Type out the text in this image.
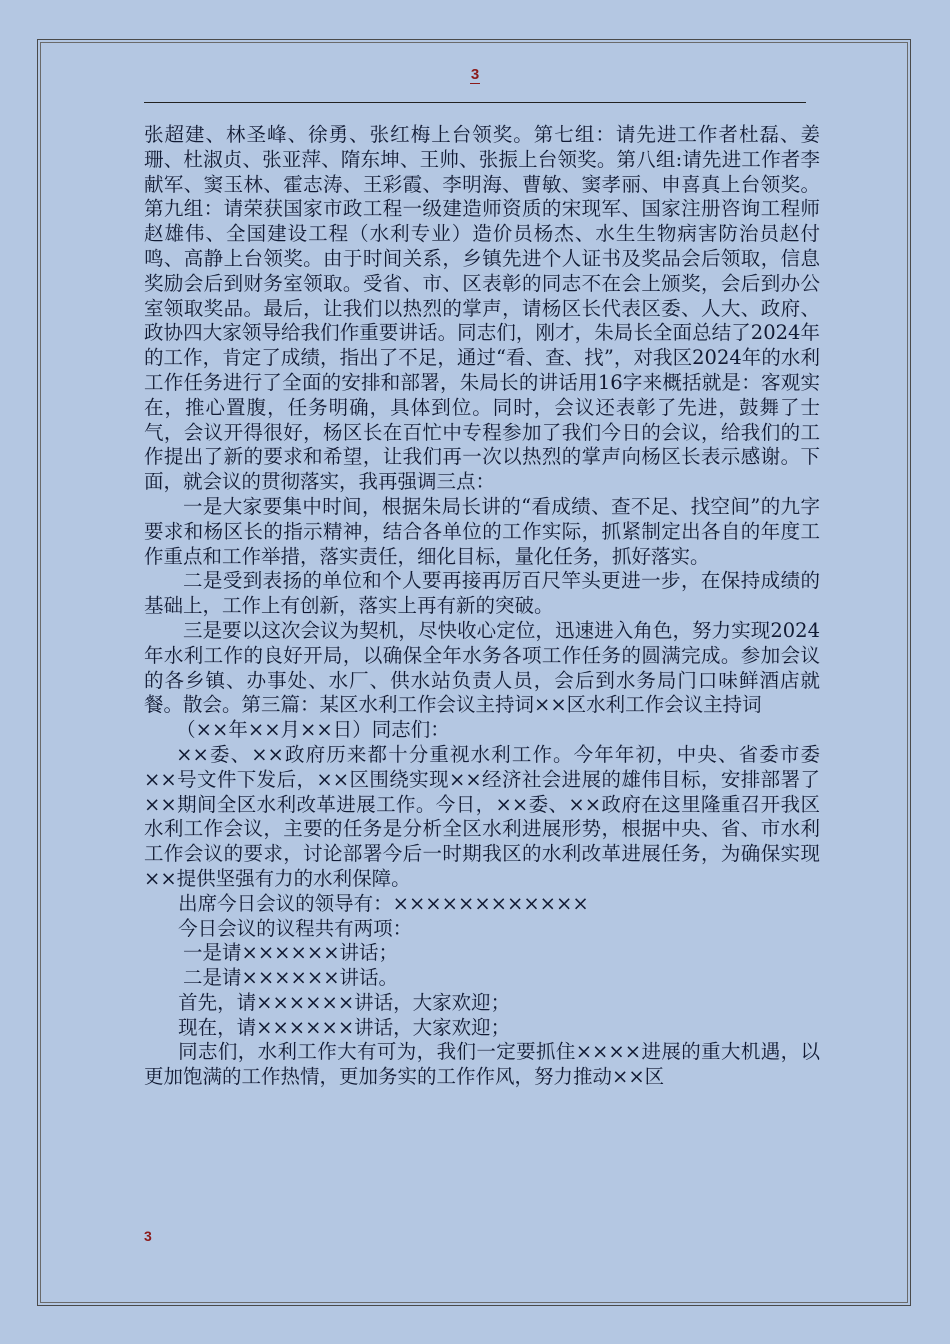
3

张超建、林圣峰、徐勇、张红梅上台领奖。第七组：请先进工作者杜磊、姜珊、杜淑贞、张亚萍、隋东坤、王帅、张振上台领奖。第八组:请先进工作者李献军、窦玉林、霍志涛、王彩霞、李明海、曹敏、窦孝丽、申喜真上台领奖。第九组：请荣获国家市政工程一级建造师资质的宋现军、国家注册咨询工程师赵雄伟、全国建设工程（水利专业）造价员杨杰、水生生物病害防治员赵付鸣、高静上台领奖。由于时间关系，乡镇先进个人证书及奖品会后领取，信息奖励会后到财务室领取。受省、市、区表彰的同志不在会上颁奖，会后到办公室领取奖品。最后，让我们以热烈的掌声，请杨区长代表区委、人大、政府、政协四大家领导给我们作重要讲话。同志们，刚才，朱局长全面总结了2024年的工作，肯定了成绩，指出了不足，通过“看、查、找”，对我区2024年的水利工作任务进行了全面的安排和部署，朱局长的讲话用16字来概括就是：客观实在，推心置腹，任务明确，具体到位。同时，会议还表彰了先进，鼓舞了士气，会议开得很好，杨区长在百忙中专程参加了我们今日的会议，给我们的工作提出了新的要求和希望，让我们再一次以热烈的掌声向杨区长表示感谢。下面，就会议的贯彻落实，我再强调三点：

一是大家要集中时间，根据朱局长讲的“看成绩、查不足、找空间”的九字要求和杨区长的指示精神，结合各单位的工作实际，抓紧制定出各自的年度工作重点和工作举措，落实责任，细化目标，量化任务，抓好落实。

二是受到表扬的单位和个人要再接再厉百尺竿头更进一步，在保持成绩的基础上，工作上有创新，落实上再有新的突破。

三是要以这次会议为契机，尽快收心定位，迅速进入角色，努力实现2024年水利工作的良好开局，以确保全年水务各项工作任务的圆满完成。参加会议的各乡镇、办事处、水厂、供水站负责人员，会后到水务局门口味鲜酒店就餐。散会。第三篇：某区水利工作会议主持词××区水利工作会议主持词

（××年××月××日）同志们：

××委、××政府历来都十分重视水利工作。今年年初，中央、省委市委××号文件下发后，××区围绕实现××经济社会进展的雄伟目标，安排部署了××期间全区水利改革进展工作。今日，××委、××政府在这里隆重召开我区水利工作会议，主要的任务是分析全区水利进展形势，根据中央、省、市水利工作会议的要求，讨论部署今后一时期我区的水利改革进展任务，为确保实现××提供坚强有力的水利保障。

出席今日会议的领导有：××××××××××××

今日会议的议程共有两项：

一是请××××××讲话；

二是请××××××讲话。

首先，请××××××讲话，大家欢迎；

现在，请××××××讲话，大家欢迎；

同志们，水利工作大有可为，我们一定要抓住××××进展的重大机遇，以更加饱满的工作热情，更加务实的工作作风，努力推动××区

3
